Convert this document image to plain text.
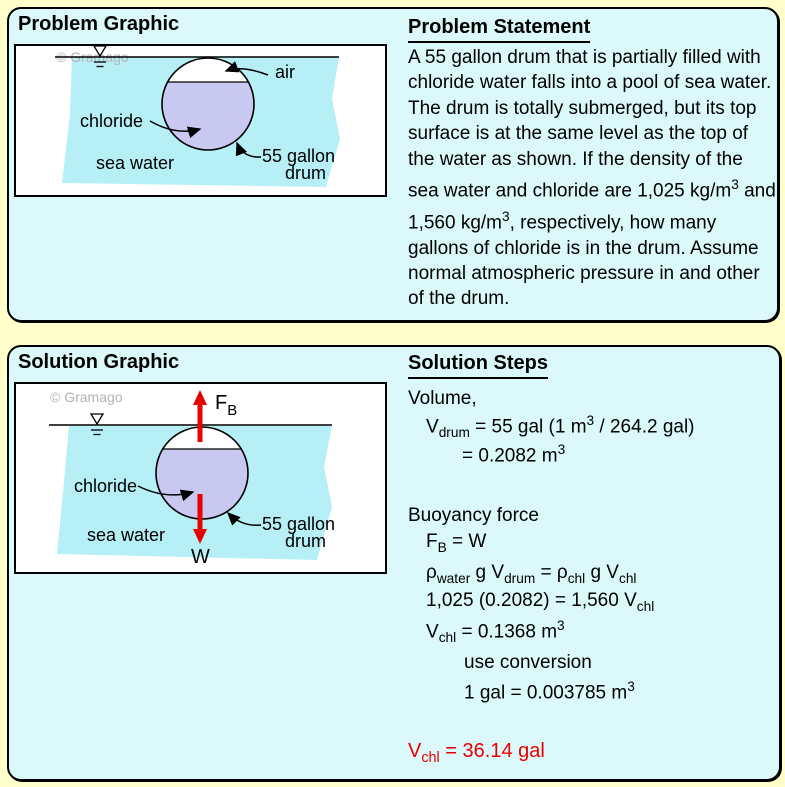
Problem Graphic
© Gramago
air
chloride
sea water	55 gallon
drum
Problem Statement
A 55 gallon drum that is partially filled with chloride water falls into a pool of sea water. The drum is totally submerged, but its top surface is at the same level as the top of the water as shown. If the density of the sea water and chloride are 1,025 $kg/m^3$ and 1,560 $kg/m^3$, respectively, how many gallons of chloride is in the drum. Assume normal atmospheric pressure in and other of the drum.
Solution Graphic
© Gramago	$F_B$
W
chloride
sea water
55 gallon
drum
Solution Steps
Volume,
$V_{drum} = 55$ gal (1 $m^3 / 264.2$ gal)
= 0.2082 $m^3$
Buoyancy force
$F_B = W$
$\rho_{water}$ g $V_{drum} = \rho_{chl}$ g $V_{chl}$
1,025 (0.2082) = 1,560 $V_{chl}$
$V_{chl} = 0.1368$ $m^3$
use conversion
1 gal = 0.003785 $m^3$
$V_{chl} = 36.14$ gal
